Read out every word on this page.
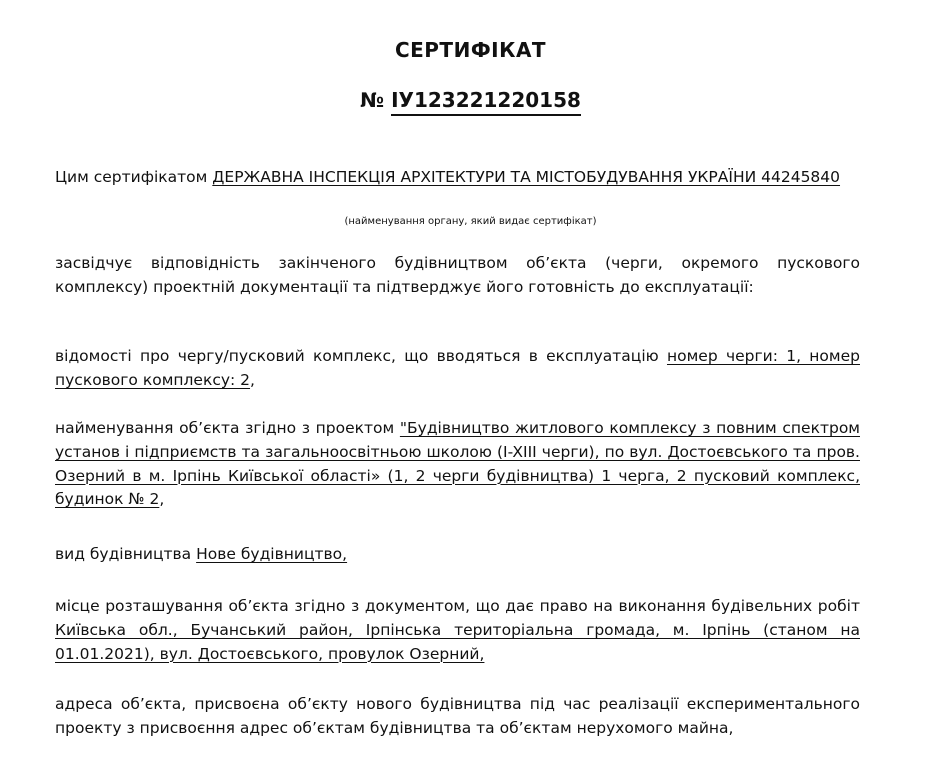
СЕРТИФІКАТ
№ ІУ123221220158
Цим сертифікатом ДЕРЖАВНА ІНСПЕКЦІЯ АРХІТЕКТУРИ ТА МІСТОБУДУВАННЯ УКРАЇНИ 44245840
(найменування органу, який видає сертифікат)
засвідчує відповідність закінченого будівництвом об’єкта (черги, окремого пускового комплексу) проектній документації та підтверджує його готовність до експлуатації:
відомості про чергу/пусковий комплекс, що вводяться в експлуатацію номер черги: 1, номер пускового комплексу: 2,
найменування об’єкта згідно з проектом "Будівництво житлового комплексу з повним спектром установ і підприємств та загальноосвітньою школою (I-XIII черги), по вул. Достоєвського та пров. Озерний в м. Ірпінь Київської області» (1, 2 черги будівництва) 1 черга, 2 пусковий комплекс, будинок № 2,
вид будівництва Нове будівництво,
місце розташування об’єкта згідно з документом, що дає право на виконання будівельних робіт Київська обл., Бучанський район, Ірпінська територіальна громада, м. Ірпінь (станом на 01.01.2021), вул. Достоєвського, провулок Озерний,
адреса об’єкта, присвоєна об’єкту нового будівництва під час реалізації експериментального проекту з присвоєння адрес об’єктам будівництва та об’єктам нерухомого майна,
